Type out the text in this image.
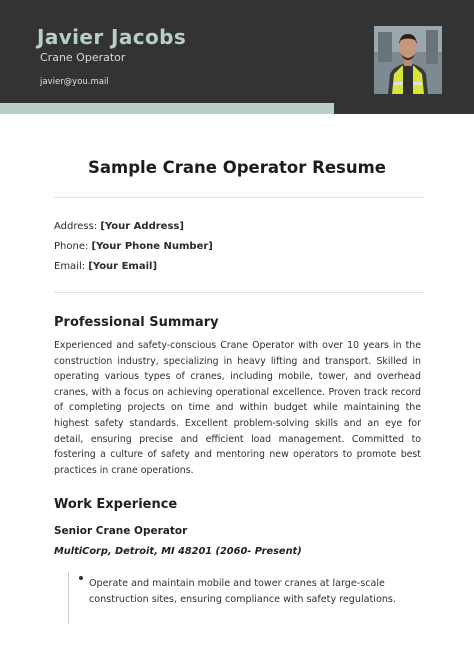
Javier Jacobs
Crane Operator
javier@you.mail
Sample Crane Operator Resume
Address: [Your Address]
Phone: [Your Phone Number]
Email: [Your Email]
Professional Summary
Experienced and safety-conscious Crane Operator with over 10 years in the construction industry, specializing in heavy lifting and transport. Skilled in operating various types of cranes, including mobile, tower, and overhead cranes, with a focus on achieving operational excellence. Proven track record of completing projects on time and within budget while maintaining the highest safety standards. Excellent problem-solving skills and an eye for detail, ensuring precise and efficient load management. Committed to fostering a culture of safety and mentoring new operators to promote best practices in crane operations.
Work Experience
Senior Crane Operator
MultiCorp, Detroit, MI 48201 (2060- Present)
Operate and maintain mobile and tower cranes at large-scale construction sites, ensuring compliance with safety regulations.
